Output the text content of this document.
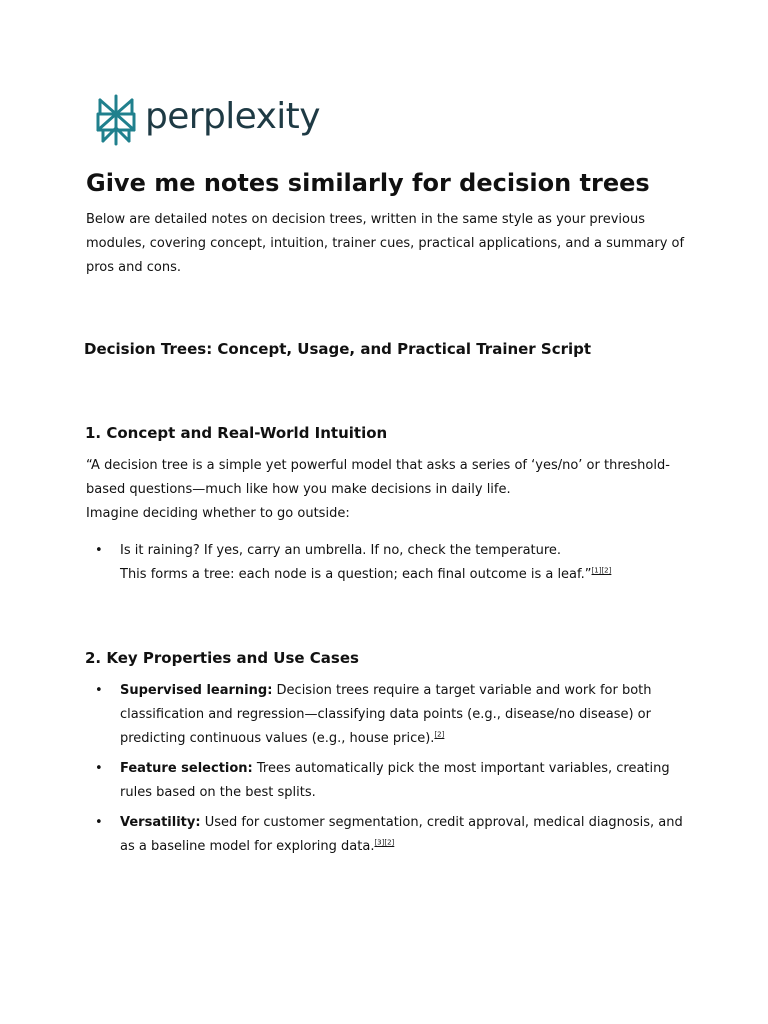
perplexity
Give me notes similarly for decision trees

Below are detailed notes on decision trees, written in the same style as your previous modules, covering concept, intuition, trainer cues, practical applications, and a summary of pros and cons.

Decision Trees: Concept, Usage, and Practical Trainer Script
1. Concept and Real-World Intuition

“A decision tree is a simple yet powerful model that asks a series of ‘yes/no’ or threshold-based questions—much like how you make decisions in daily life.
Imagine deciding whether to go outside:

• Is it raining? If yes, carry an umbrella. If no, check the temperature.
This forms a tree: each node is a question; each final outcome is a leaf.”[1][2]
2. Key Properties and Use Cases
• Supervised learning: Decision trees require a target variable and work for both classification and regression—classifying data points (e.g., disease/no disease) or predicting continuous values (e.g., house price).[2]
• Feature selection: Trees automatically pick the most important variables, creating rules based on the best splits.
• Versatility: Used for customer segmentation, credit approval, medical diagnosis, and as a baseline model for exploring data.[3][2]
